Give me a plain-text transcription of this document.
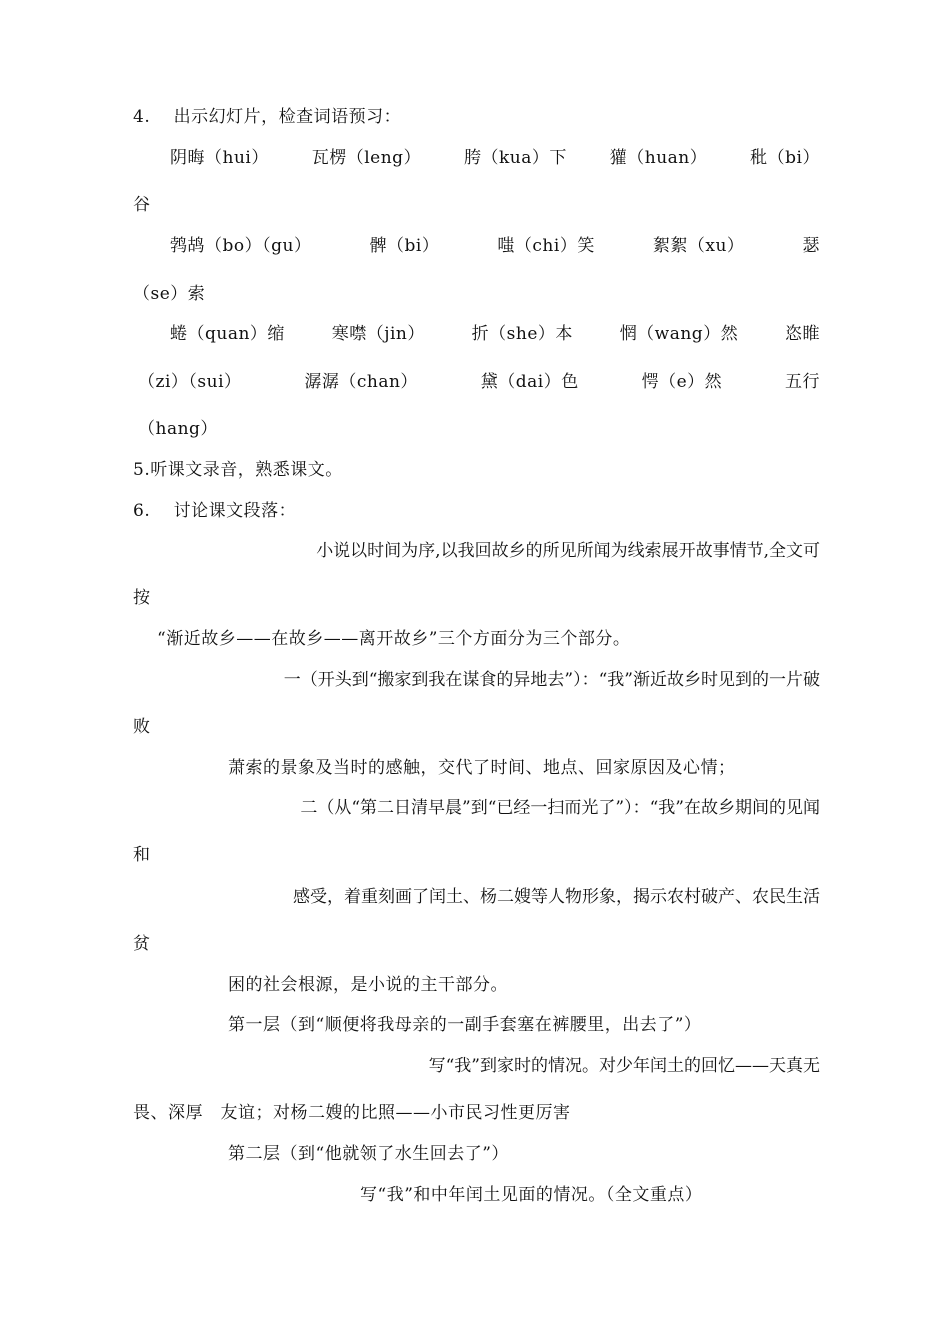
4.　 出示幻灯片，检查词语预习：
阴晦（hui）	瓦楞（leng）	胯（kua）下	獾（huan）	秕（bi）
谷
鹁鸪（bo）（gu）	髀（bi）	嗤（chi）笑	絮絮（xu）	瑟
（se）索
蜷（quan）缩	寒噤（jin）	折（she）本	惘（wang）然	恣睢
（zi）（sui）	潺潺（chan）	黛（dai）色	愕（e）然	五行
（hang）
5.听课文录音，熟悉课文。
6.　 讨论课文段落：
小说以时间为序,以我回故乡的所见所闻为线索展开故事情节,全文可
按
“渐近故乡——在故乡——离开故乡”三个方面分为三个部分。
一（开头到“搬家到我在谋食的异地去”）：“我”渐近故乡时见到的一片破
败
萧索的景象及当时的感触，交代了时间、地点、回家原因及心情；
二（从“第二日清早晨”到“已经一扫而光了”）：“我”在故乡期间的见闻
和
感受，着重刻画了闰土、杨二嫂等人物形象，揭示农村破产、农民生活
贫
困的社会根源，是小说的主干部分。
第一层（到“顺便将我母亲的一副手套塞在裤腰里，出去了”）
写“我”到家时的情况。对少年闰土的回忆——天真无
畏、深厚　友谊；对杨二嫂的比照——小市民习性更厉害
第二层（到“他就领了水生回去了”）
写“我”和中年闰土见面的情况。（全文重点）
